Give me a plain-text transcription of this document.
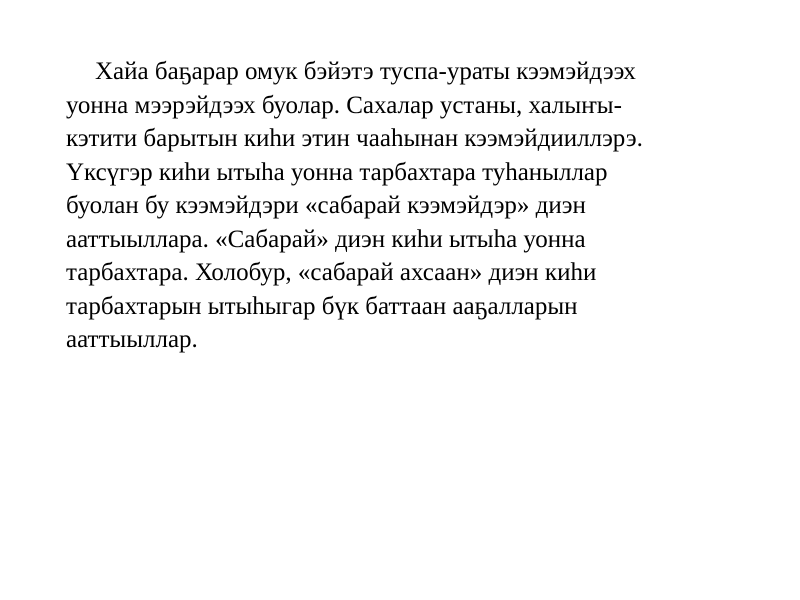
Хайа баҕарар омук бэйэтэ туспа-ураты кээмэйдээх
уонна мээрэйдээх буолар. Сахалар устаны, халыҥы-
кэтити барытын киһи этин чааһынан кээмэйдииллэрэ.
Үксүгэр киһи ытыһа уонна тарбахтара туһаныллар
буолан бу кээмэйдэри «сабарай кээмэйдэр» диэн
ааттыыллара. «Сабарай» диэн киһи ытыһа уонна
тарбахтара. Холобур, «сабарай ахсаан» диэн киһи
тарбахтарын ытыһыгар бүк баттаан ааҕалларын
ааттыыллар.
